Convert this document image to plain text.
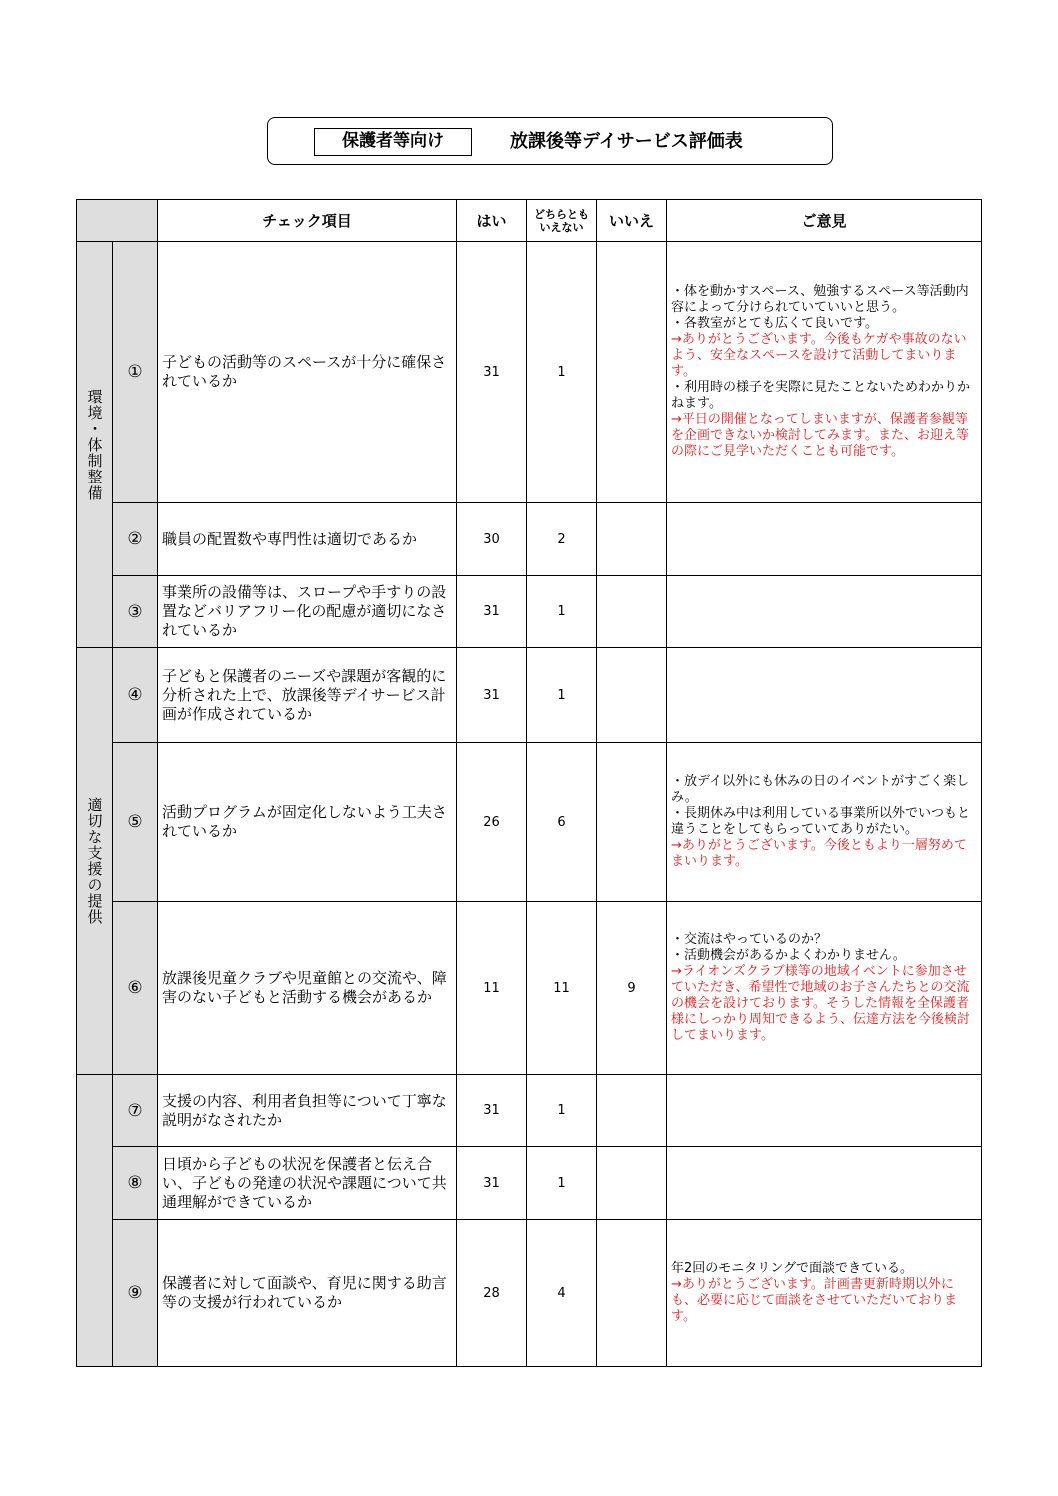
保護者等向け	放課後等デイサービス評価表
		チェック項目	はい	どちらとも
いえない	いいえ	ご意見

環境・体制整備	①	子どもの活動等のスペースが十分に確保されているか	31	1		・体を動かすスペース、勉強するスペース等活動内容によって分けられていていいと思う。

・各教室がとても広くて良いです。

→ありがとうございます。今後もケガや事故のないよう、安全なスペースを設けて活動してまいります。

・利用時の様子を実際に見たことないためわかりかねます。

→平日の開催となってしまいますが、保護者参観等を企画できないか検討してみます。また、お迎え等の際にご見学いただくことも可能です。

	②	職員の配置数や専門性は適切であるか	30	2		
	③	事業所の設備等は、スロープや手すりの設置などバリアフリー化の配慮が適切になされているか	31	1		

適切な支援の提供	④	子どもと保護者のニーズや課題が客観的に分析された上で、放課後等デイサービス計画が作成されているか	31	1		
	⑤	活動プログラムが固定化しないよう工夫されているか	26	6		・放デイ以外にも休みの日のイベントがすごく楽しみ。

・長期休み中は利用している事業所以外でいつもと違うことをしてもらっていてありがたい。

→ありがとうございます。今後ともより一層努めてまいります。

	⑥	放課後児童クラブや児童館との交流や、障害のない子どもと活動する機会があるか	11	11	9	・交流はやっているのか？

・活動機会があるかよくわかりません。

→ライオンズクラブ様等の地域イベントに参加させていただき、希望性で地域のお子さんたちとの交流の機会を設けております。そうした情報を全保護者様にしっかり周知できるよう、伝達方法を今後検討してまいります。

	⑦	支援の内容、利用者負担等について丁寧な説明がなされたか	31	1		
	⑧	日頃から子どもの状況を保護者と伝え合い、子どもの発達の状況や課題について共通理解ができているか	31	1		
	⑨	保護者に対して面談や、育児に関する助言等の支援が行われているか	28	4		年2回のモニタリングで面談できている。

→ありがとうございます。計画書更新時期以外にも、必要に応じて面談をさせていただいております。
